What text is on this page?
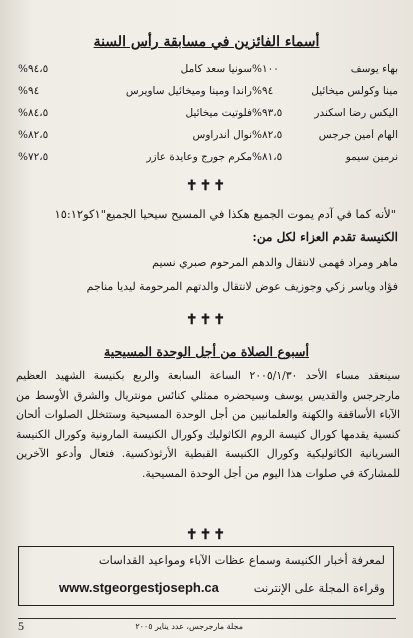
أسماء الفائزين في مسابقة رأس السنة
بهاء يوسف
١٠٠%
سونيا سعد كامل
٩٤،٥%
مينا وكولس ميخائيل
٩٤%
راندا ومينا وميخائيل ساويرس
٩٤%
اليكس رضا اسكندر
٩٣،٥%
فلوتيت ميخائيل
٨٤،٥%
الهام أمين جرجس
٨٢،٥%
نوال أندراوس
٨٢،٥%
نرمين سيمو
٨١،٥%
مكرم جورج وعايدة عازر
٧٢،٥%
✝✝✝
"لأنه كما في آدم يموت الجميع هكذا في المسيح سيحيا الجميع"١كو١٥:١٢
الكنيسة تقدم العزاء لكل من:
ماهر ومراد فهمى لانتقال والدهم المرحوم صبري نسيم
فؤاد وياسر زكي وجوزيف عوض لانتقال والدتهم المرحومة ليديا مناجم
✝✝✝
أسبوع الصلاة من أجل الوحدة المسيحية
سينعقد مساء الأحد ٢٠٠٥/١/٣٠ الساعة السابعة والربع بكنيسة الشهيد العظيم مارجرجس والقديس يوسف وسيحضره ممثلي كنائس مونتريال والشرق الأوسط من الآباء الأساقفة والكهنة والعلمانيين من أجل الوحدة المسيحية وستتخلل الصلوات ألحان كنسية يقدمها كورال كنيسة الروم الكاثوليك وكورال الكنيسة المارونية وكورال الكنيسة السريانية الكاثوليكية وكورال الكنيسة القبطية الأرثوذكسية. فتعال وأدعو الآخرين للمشاركة في صلوات هذا اليوم من أجل الوحدة المسيحية.
✝✝✝
لمعرفة أخبار الكنيسة وسماع عظات الآباء ومواعيد القداسات
وقراءة المجلة على الإنترنت
www.stgeorgestjoseph.ca
5	مجلة مارجرجس، عدد يناير ٢٠٠٥
